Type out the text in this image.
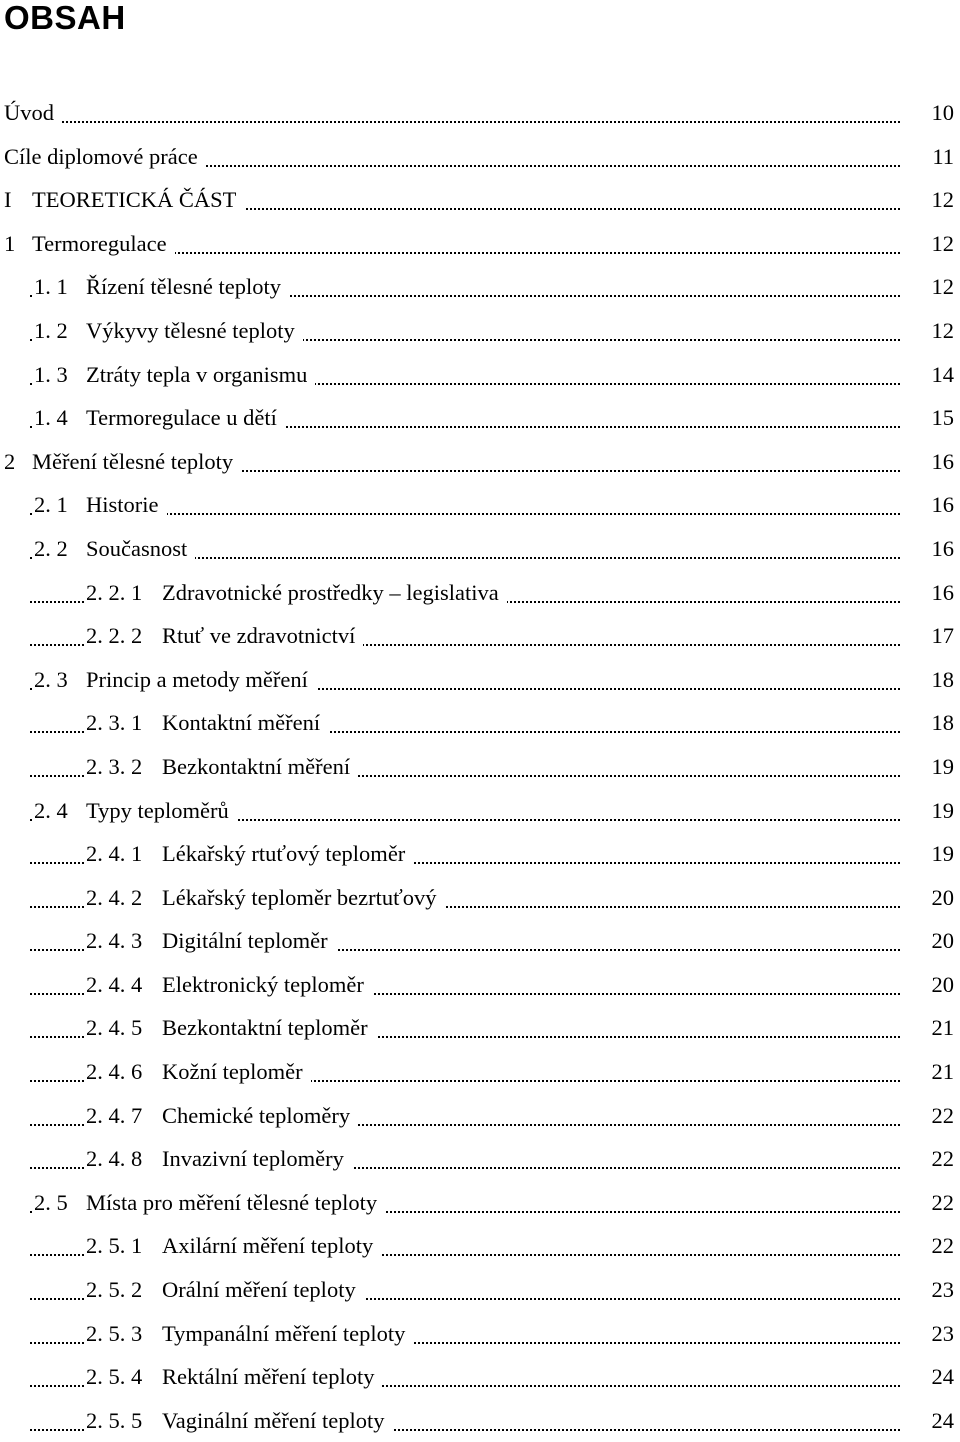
OBSAH
Úvod	10
Cíle diplomové práce	11
I TEORETICKÁ ČÁST	12
1 Termoregulace	12
1. 1 Řízení tělesné teploty	12
1. 2 Výkyvy tělesné teploty	12
1. 3 Ztráty tepla v organismu	14
1. 4 Termoregulace u dětí	15
2 Měření tělesné teploty	16
2. 1 Historie	16
2. 2 Současnost	16
2. 2. 1 Zdravotnické prostředky – legislativa	16
2. 2. 2 Rtuť ve zdravotnictví	17
2. 3 Princip a metody měření	18
2. 3. 1 Kontaktní měření	18
2. 3. 2 Bezkontaktní měření	19
2. 4 Typy teploměrů	19
2. 4. 1 Lékařský rtuťový teploměr	19
2. 4. 2 Lékařský teploměr bezrtuťový	20
2. 4. 3 Digitální teploměr	20
2. 4. 4 Elektronický teploměr	20
2. 4. 5 Bezkontaktní teploměr	21
2. 4. 6 Kožní teploměr	21
2. 4. 7 Chemické teploměry	22
2. 4. 8 Invazivní teploměry	22
2. 5 Místa pro měření tělesné teploty	22
2. 5. 1 Axilární měření teploty	22
2. 5. 2 Orální měření teploty	23
2. 5. 3 Tympanální měření teploty	23
2. 5. 4 Rektální měření teploty	24
2. 5. 5 Vaginální měření teploty	24
